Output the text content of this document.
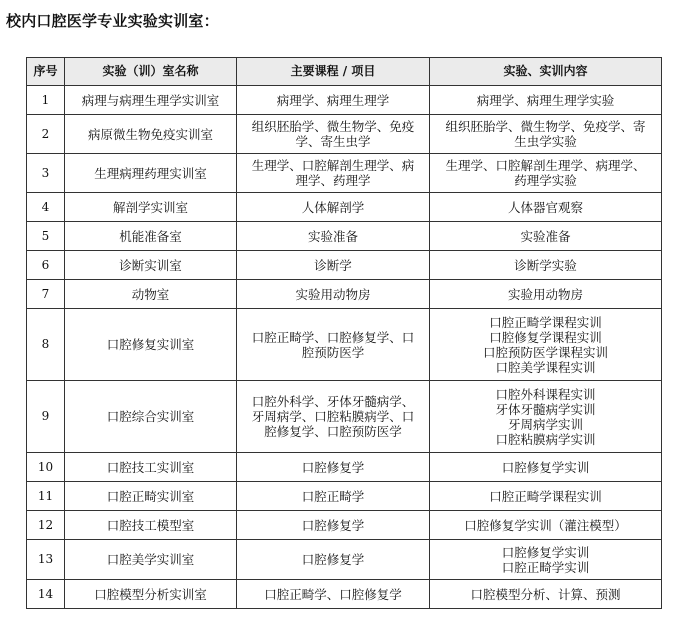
校内口腔医学专业实验实训室：
序号	实验（训）室名称	主要课程 / 项目	实验、实训内容
1	病理与病理生理学实训室	病理学、病理生理学	病理学、病理生理学实验

2	病原微生物免疫实训室	组织胚胎学、微生物学、免疫
学、寄生虫学	组织胚胎学、微生物学、免疫学、寄
生虫学实验

3	生理病理药理实训室	生理学、口腔解剖生理学、病
理学、药理学	生理学、口腔解剖生理学、病理学、
药理学实验

4	解剖学实训室	人体解剖学	人体器官观察

5	机能准备室	实验准备	实验准备

6	诊断实训室	诊断学	诊断学实验

7	动物室	实验用动物房	实验用动物房

8	口腔修复实训室	口腔正畸学、口腔修复学、口
腔预防医学	口腔正畸学课程实训
口腔修复学课程实训
口腔预防医学课程实训
口腔美学课程实训

9	口腔综合实训室	口腔外科学、牙体牙髓病学、
牙周病学、口腔粘膜病学、口
腔修复学、口腔预防医学	口腔外科课程实训
牙体牙髓病学实训
牙周病学实训
口腔粘膜病学实训

10	口腔技工实训室	口腔修复学	口腔修复学实训

11	口腔正畸实训室	口腔正畸学	口腔正畸学课程实训

12	口腔技工模型室	口腔修复学	口腔修复学实训（灌注模型）

13	口腔美学实训室	口腔修复学	口腔修复学实训
口腔正畸学实训

14	口腔模型分析实训室	口腔正畸学、口腔修复学	口腔模型分析、计算、预测
